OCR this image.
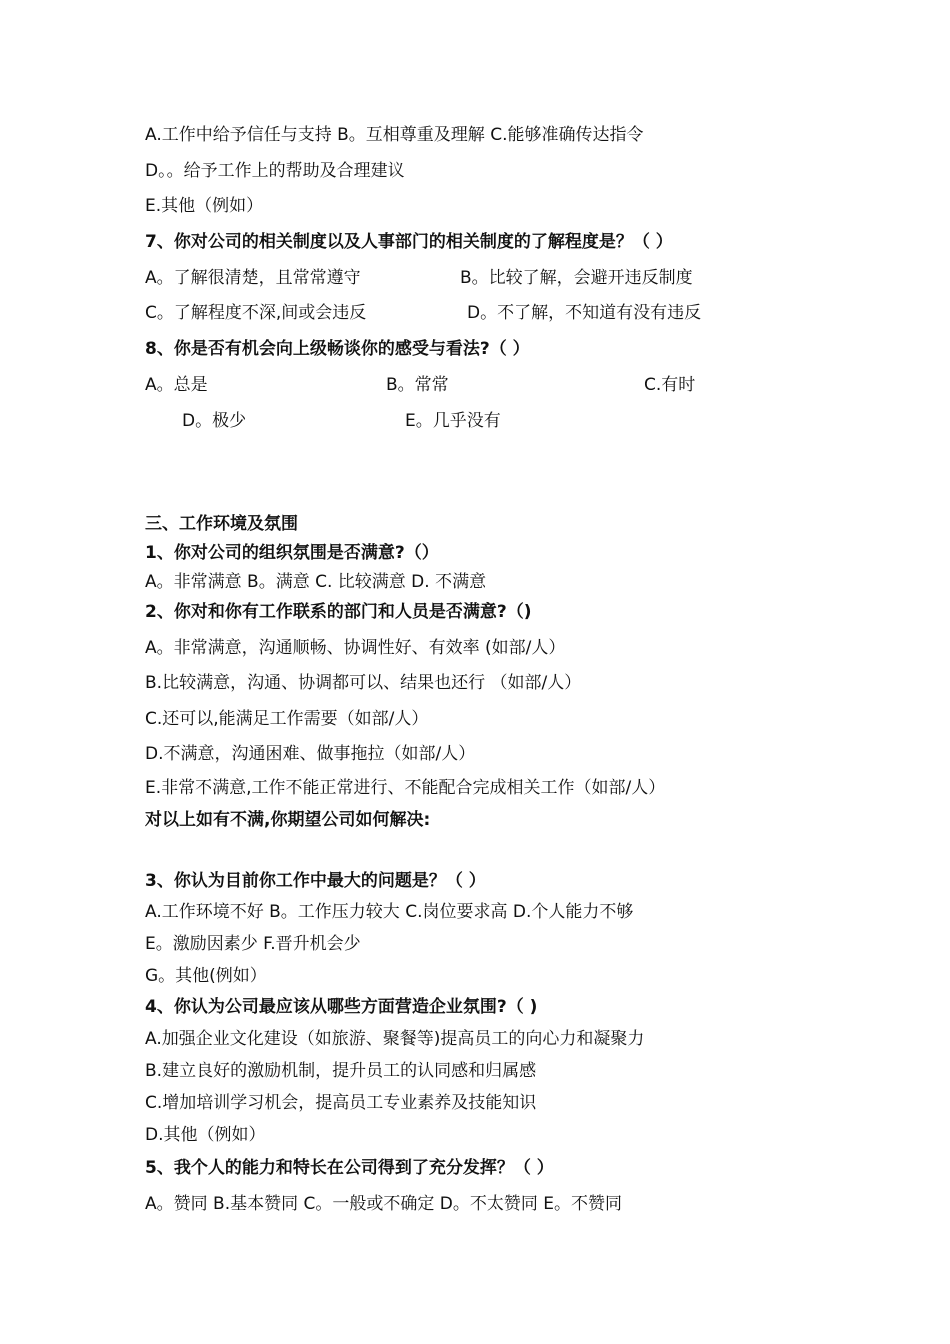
A.工作中给予信任与支持 B。互相尊重及理解 C.能够准确传达指令
D。。给予工作上的帮助及合理建议
E.其他（例如）
7、你对公司的相关制度以及人事部门的相关制度的了解程度是？（ ）
A。了解很清楚，且常常遵守	B。比较了解，会避开违反制度
C。了解程度不深,间或会违反	D。不了解，不知道有没有违反
8、你是否有机会向上级畅谈你的感受与看法?（ ）
A。总是	B。常常	C.有时
D。极少	E。几乎没有
三、工作环境及氛围
1、你对公司的组织氛围是否满意?（）
A。非常满意 B。满意 C. 比较满意 D. 不满意
2、你对和你有工作联系的部门和人员是否满意?（)
A。非常满意，沟通顺畅、协调性好、有效率 (如部/人）
B.比较满意，沟通、协调都可以、结果也还行 （如部/人）
C.还可以,能满足工作需要（如部/人）
D.不满意，沟通困难、做事拖拉（如部/人）
E.非常不满意,工作不能正常进行、不能配合完成相关工作（如部/人）
对以上如有不满,你期望公司如何解决:
3、你认为目前你工作中最大的问题是？（ ）
A.工作环境不好 B。工作压力较大 C.岗位要求高 D.个人能力不够
E。激励因素少 F.晋升机会少
G。其他(例如）
4、你认为公司最应该从哪些方面营造企业氛围?（ )
A.加强企业文化建设（如旅游、聚餐等)提高员工的向心力和凝聚力
B.建立良好的激励机制，提升员工的认同感和归属感
C.增加培训学习机会，提高员工专业素养及技能知识
D.其他（例如）
5、我个人的能力和特长在公司得到了充分发挥？（ ）
A。赞同 B.基本赞同 C。一般或不确定 D。不太赞同 E。不赞同
